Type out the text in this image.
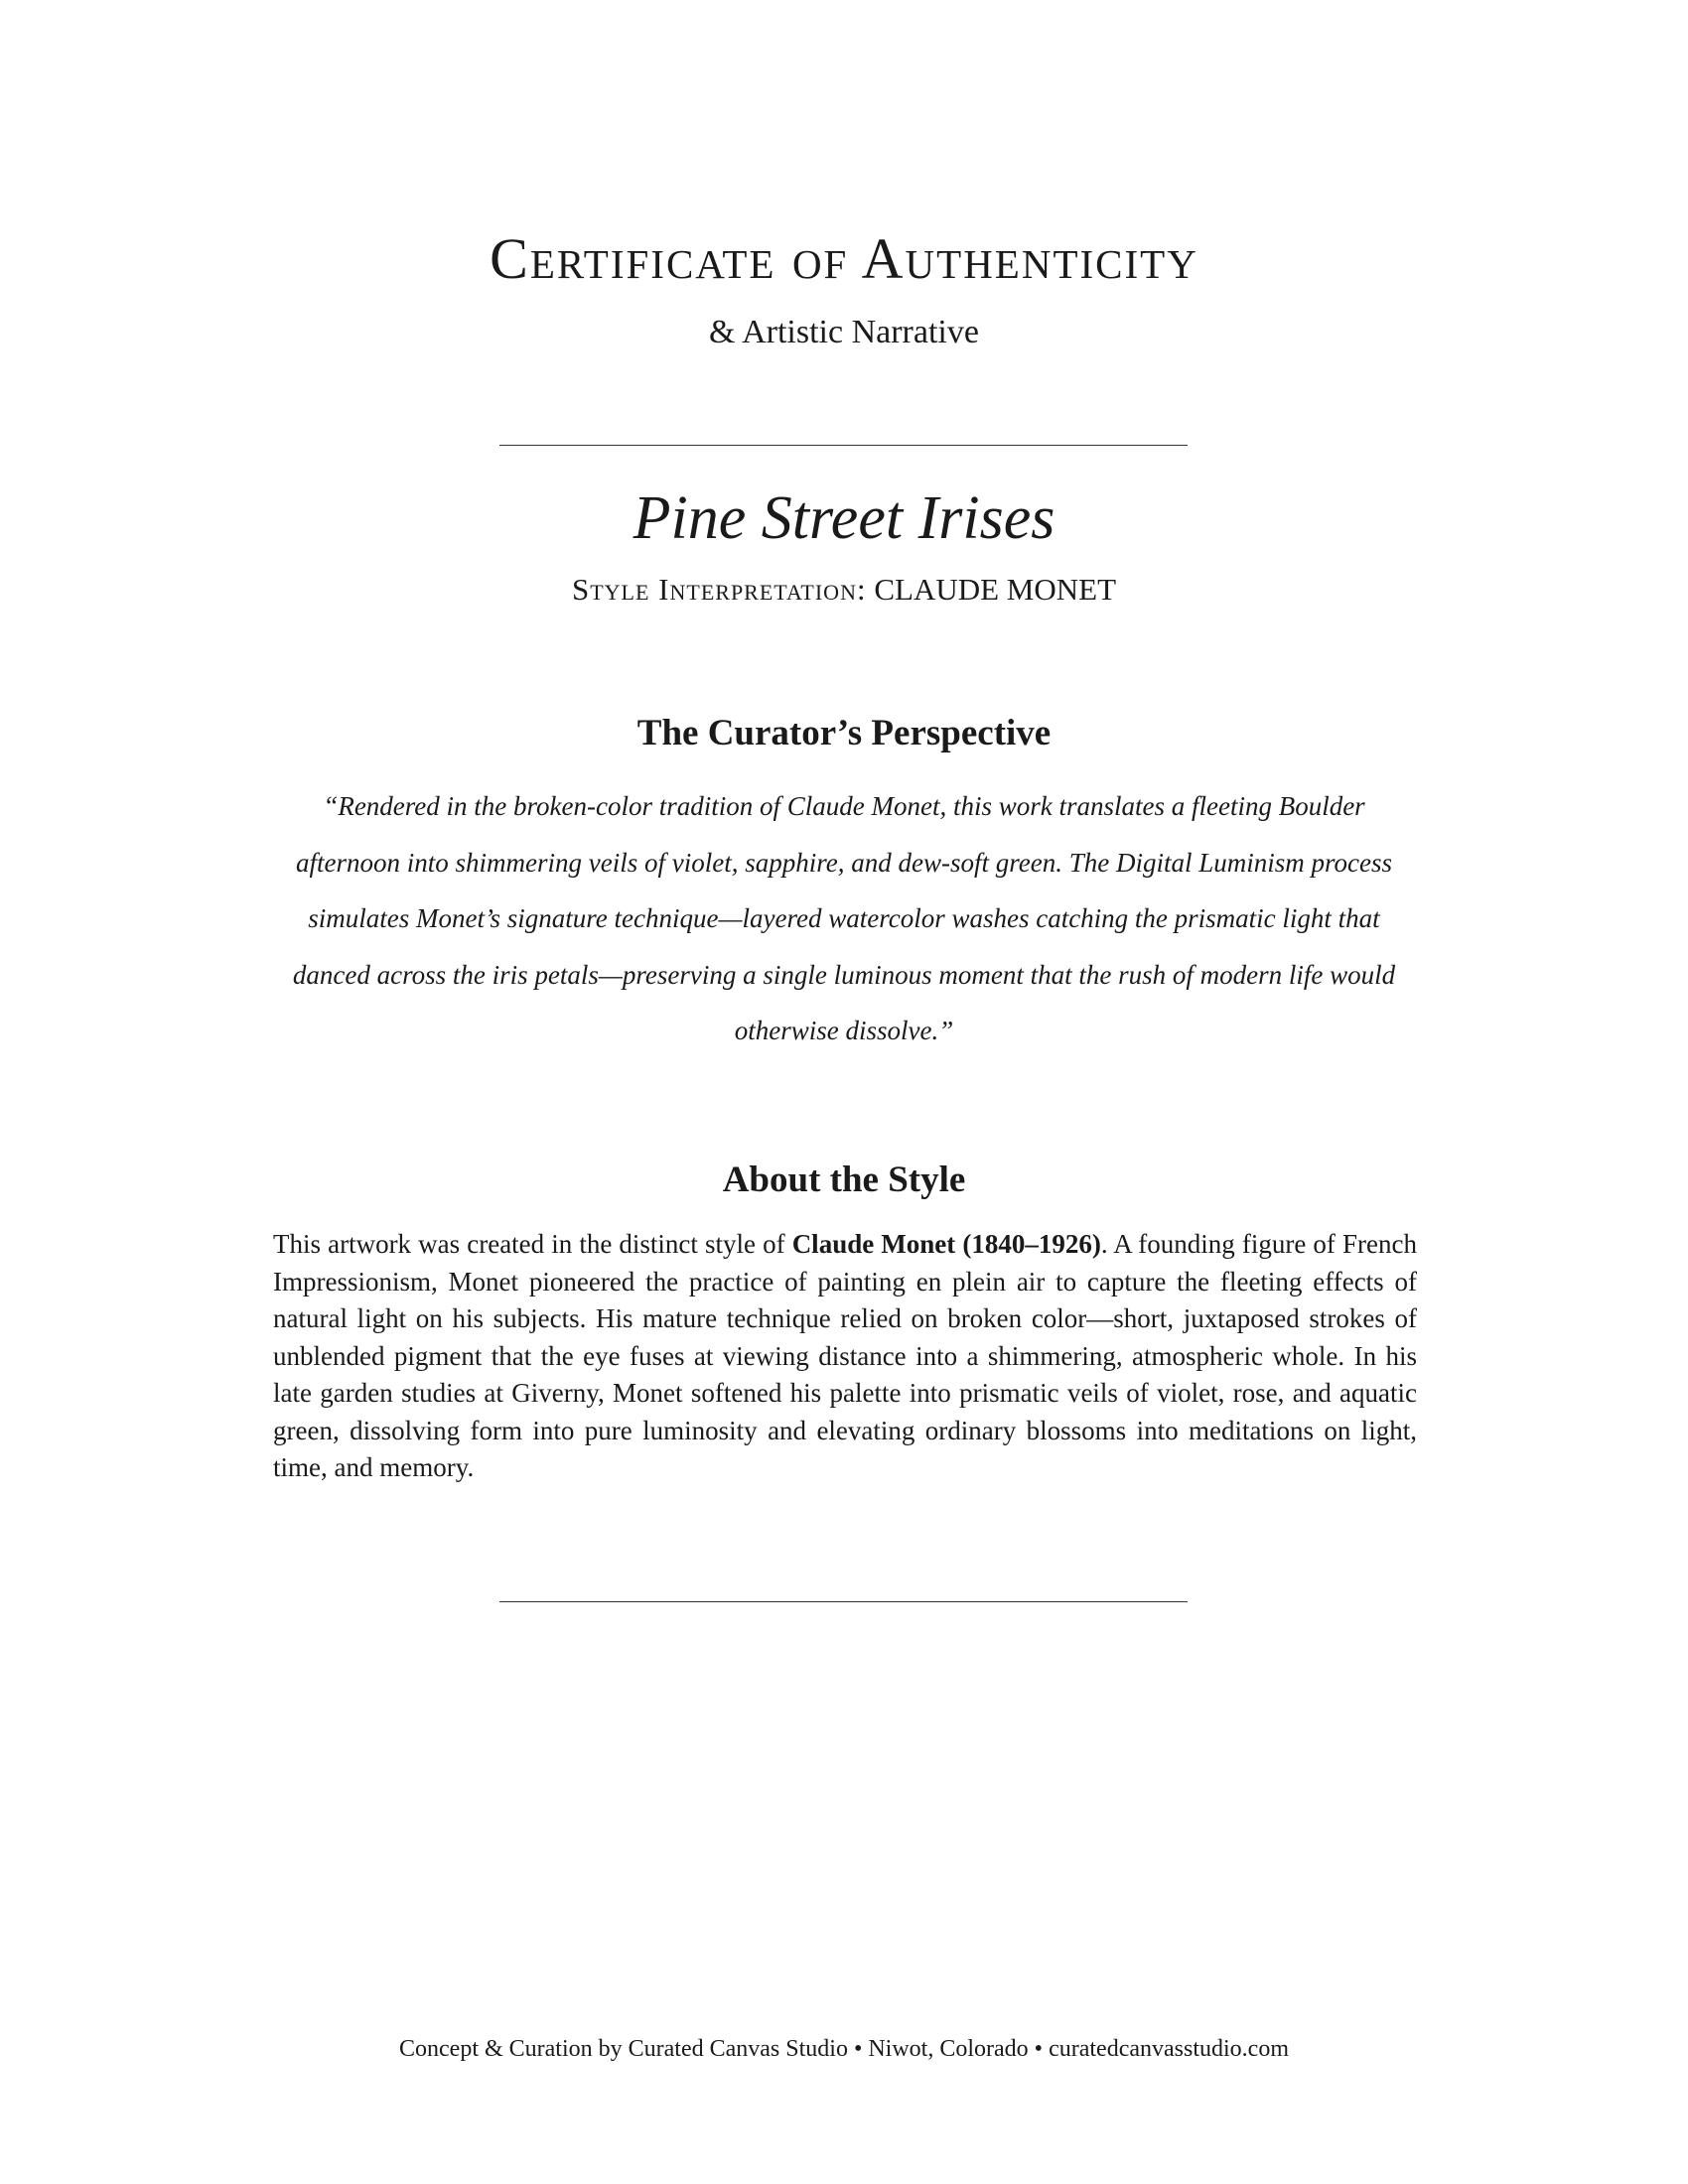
Certificate of Authenticity
& Artistic Narrative
Pine Street Irises
Style Interpretation: CLAUDE MONET
The Curator’s Perspective
“Rendered in the broken-color tradition of Claude Monet, this work translates a fleeting Boulder afternoon into shimmering veils of violet, sapphire, and dew-soft green. The Digital Luminism process simulates Monet’s signature technique—layered watercolor washes catching the prismatic light that danced across the iris petals—preserving a single luminous moment that the rush of modern life would otherwise dissolve.”
About the Style
This artwork was created in the distinct style of Claude Monet (1840–1926). A founding figure of French Impressionism, Monet pioneered the practice of painting en plein air to capture the fleeting effects of natural light on his subjects. His mature technique relied on broken color—short, juxtaposed strokes of unblended pigment that the eye fuses at viewing distance into a shimmering, atmospheric whole. In his late garden studies at Giverny, Monet softened his palette into prismatic veils of violet, rose, and aquatic green, dissolving form into pure luminosity and elevating ordinary blossoms into meditations on light, time, and memory.
Concept & Curation by Curated Canvas Studio • Niwot, Colorado • curatedcanvasstudio.com
